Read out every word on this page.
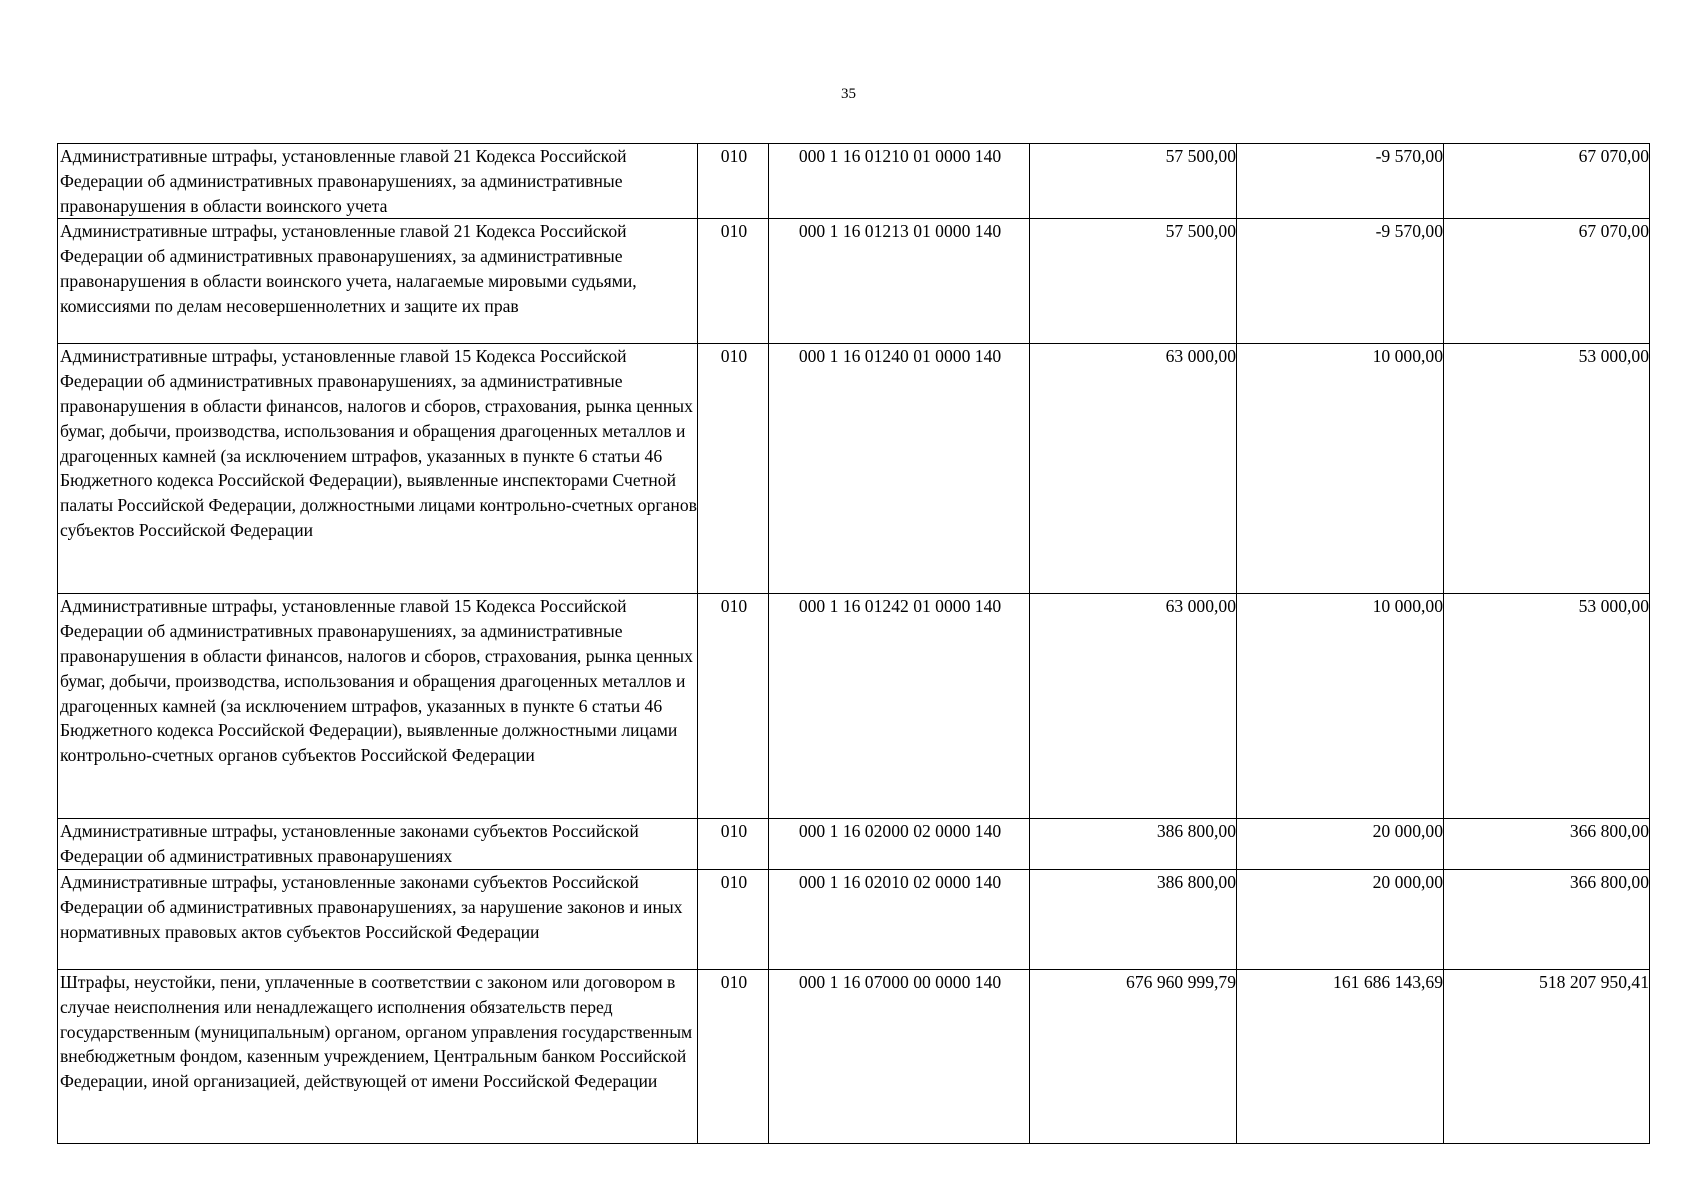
35
Административные штрафы, установленные главой 21 Кодекса Российской Федерации об административных правонарушениях, за административные правонарушения в области воинского учета	010	000 1 16 01210 01 0000 140	57 500,00	-9 570,00	67 070,00
Административные штрафы, установленные главой 21 Кодекса Российской Федерации об административных правонарушениях, за административные правонарушения в области воинского учета, налагаемые мировыми судьями, комиссиями по делам несовершеннолетних и защите их прав	010	000 1 16 01213 01 0000 140	57 500,00	-9 570,00	67 070,00
Административные штрафы, установленные главой 15 Кодекса Российской Федерации об административных правонарушениях, за административные правонарушения в области финансов, налогов и сборов, страхования, рынка ценных бумаг, добычи, производства, использования и обращения драгоценных металлов и драгоценных камней (за исключением штрафов, указанных в пункте 6 статьи 46 Бюджетного кодекса Российской Федерации), выявленные инспекторами Счетной палаты Российской Федерации, должностными лицами контрольно-счетных органов субъектов Российской Федерации	010	000 1 16 01240 01 0000 140	63 000,00	10 000,00	53 000,00
Административные штрафы, установленные главой 15 Кодекса Российской Федерации об административных правонарушениях, за административные правонарушения в области финансов, налогов и сборов, страхования, рынка ценных бумаг, добычи, производства, использования и обращения драгоценных металлов и драгоценных камней (за исключением штрафов, указанных в пункте 6 статьи 46 Бюджетного кодекса Российской Федерации), выявленные должностными лицами контрольно-счетных органов субъектов Российской Федерации	010	000 1 16 01242 01 0000 140	63 000,00	10 000,00	53 000,00
Административные штрафы, установленные законами субъектов Российской Федерации об административных правонарушениях	010	000 1 16 02000 02 0000 140	386 800,00	20 000,00	366 800,00
Административные штрафы, установленные законами субъектов Российской Федерации об административных правонарушениях, за нарушение законов и иных нормативных правовых актов субъектов Российской Федерации	010	000 1 16 02010 02 0000 140	386 800,00	20 000,00	366 800,00
Штрафы, неустойки, пени, уплаченные в соответствии с законом или договором в случае неисполнения или ненадлежащего исполнения обязательств перед государственным (муниципальным) органом, органом управления государственным внебюджетным фондом, казенным учреждением, Центральным банком Российской Федерации, иной организацией, действующей от имени Российской Федерации	010	000 1 16 07000 00 0000 140	676 960 999,79	161 686 143,69	518 207 950,41
